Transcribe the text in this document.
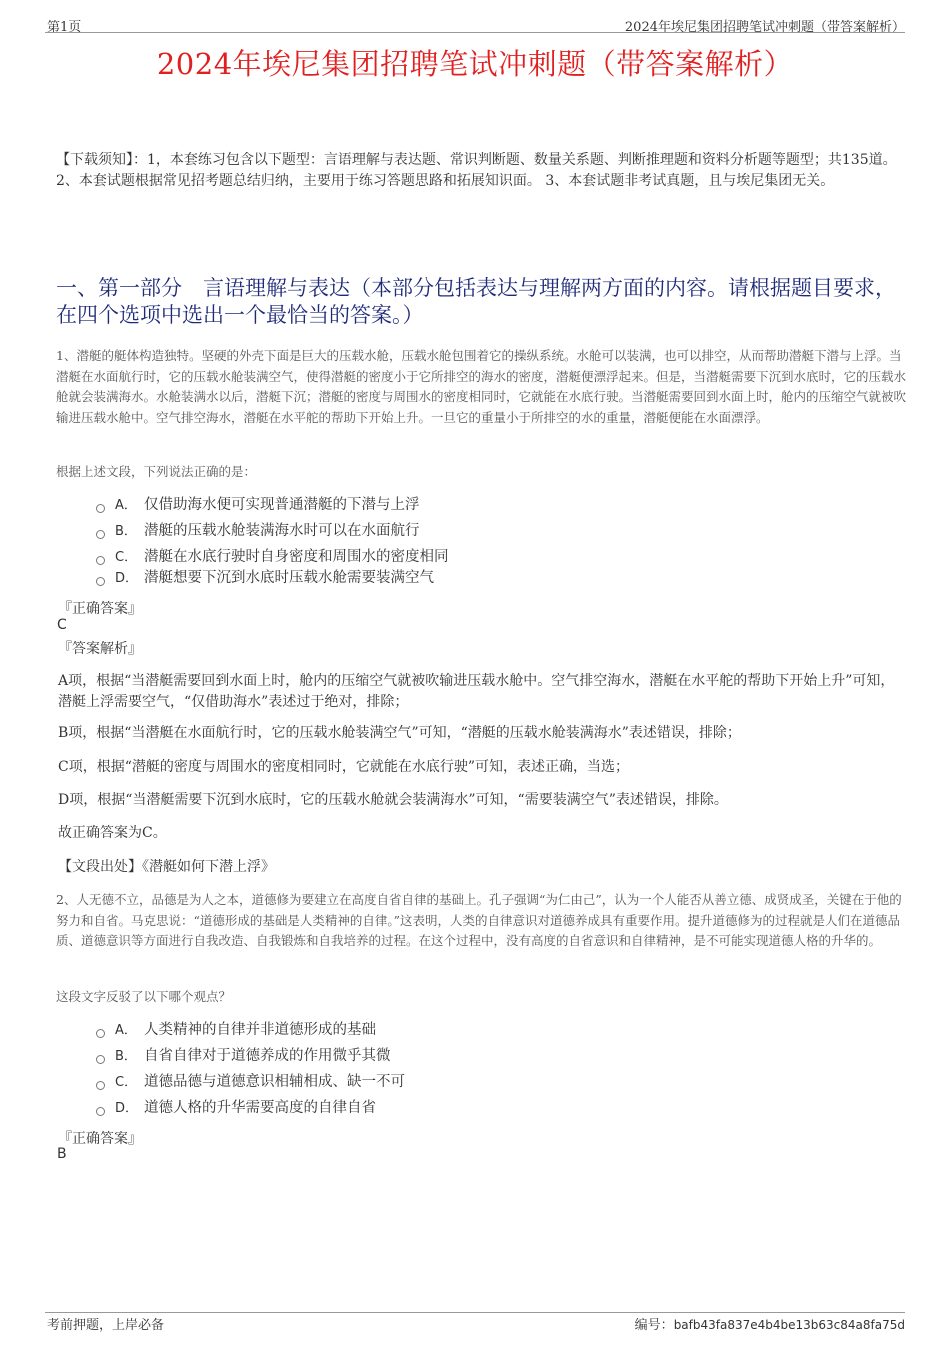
第1页	2024年埃尼集团招聘笔试冲刺题（带答案解析）
2024年埃尼集团招聘笔试冲刺题（带答案解析）
【下载须知】：1，本套练习包含以下题型：言语理解与表达题、常识判断题、数量关系题、判断推理题和资料分析题等题型；共135道。 2、本套试题根据常见招考题总结归纳，主要用于练习答题思路和拓展知识面。 3、本套试题非考试真题，且与埃尼集团无关。
一、第一部分　言语理解与表达（本部分包括表达与理解两方面的内容。请根据题目要求，在四个选项中选出一个最恰当的答案。）
1、潜艇的艇体构造独特。坚硬的外壳下面是巨大的压载水舱，压载水舱包围着它的操纵系统。水舱可以装满，也可以排空，从而帮助潜艇下潜与上浮。当潜艇在水面航行时，它的压载水舱装满空气，使得潜艇的密度小于它所排空的海水的密度，潜艇便漂浮起来。但是，当潜艇需要下沉到水底时，它的压载水舱就会装满海水。水舱装满水以后，潜艇下沉；潜艇的密度与周围水的密度相同时，它就能在水底行驶。当潜艇需要回到水面上时，舱内的压缩空气就被吹输进压载水舱中。空气排空海水，潜艇在水平舵的帮助下开始上升。一旦它的重量小于所排空的水的重量，潜艇便能在水面漂浮。
根据上述文段，下列说法正确的是：
A． 仅借助海水便可实现普通潜艇的下潜与上浮
B． 潜艇的压载水舱装满海水时可以在水面航行
C． 潜艇在水底行驶时自身密度和周围水的密度相同
D． 潜艇想要下沉到水底时压载水舱需要装满空气
『正确答案』
C
『答案解析』
A项，根据“当潜艇需要回到水面上时，舱内的压缩空气就被吹输进压载水舱中。空气排空海水，潜艇在水平舵的帮助下开始上升”可知，潜艇上浮需要空气，“仅借助海水”表述过于绝对，排除；
B项，根据“当潜艇在水面航行时，它的压载水舱装满空气”可知，“潜艇的压载水舱装满海水”表述错误，排除；
C项，根据“潜艇的密度与周围水的密度相同时，它就能在水底行驶”可知，表述正确，当选；
D项，根据“当潜艇需要下沉到水底时，它的压载水舱就会装满海水”可知，“需要装满空气”表述错误，排除。
故正确答案为C。
【文段出处】《潜艇如何下潜上浮》
2、人无德不立，品德是为人之本，道德修为要建立在高度自省自律的基础上。孔子强调“为仁由己”，认为一个人能否从善立德、成贤成圣，关键在于他的努力和自省。马克思说：“道德形成的基础是人类精神的自律。”这表明，人类的自律意识对道德养成具有重要作用。提升道德修为的过程就是人们在道德品质、道德意识等方面进行自我改造、自我锻炼和自我培养的过程。在这个过程中，没有高度的自省意识和自律精神，是不可能实现道德人格的升华的。
这段文字反驳了以下哪个观点？
A． 人类精神的自律并非道德形成的基础
B． 自省自律对于道德养成的作用微乎其微
C． 道德品德与道德意识相辅相成、缺一不可
D． 道德人格的升华需要高度的自律自省
『正确答案』
B
考前押题，上岸必备	编号：bafb43fa837e4b4be13b63c84a8fa75d
